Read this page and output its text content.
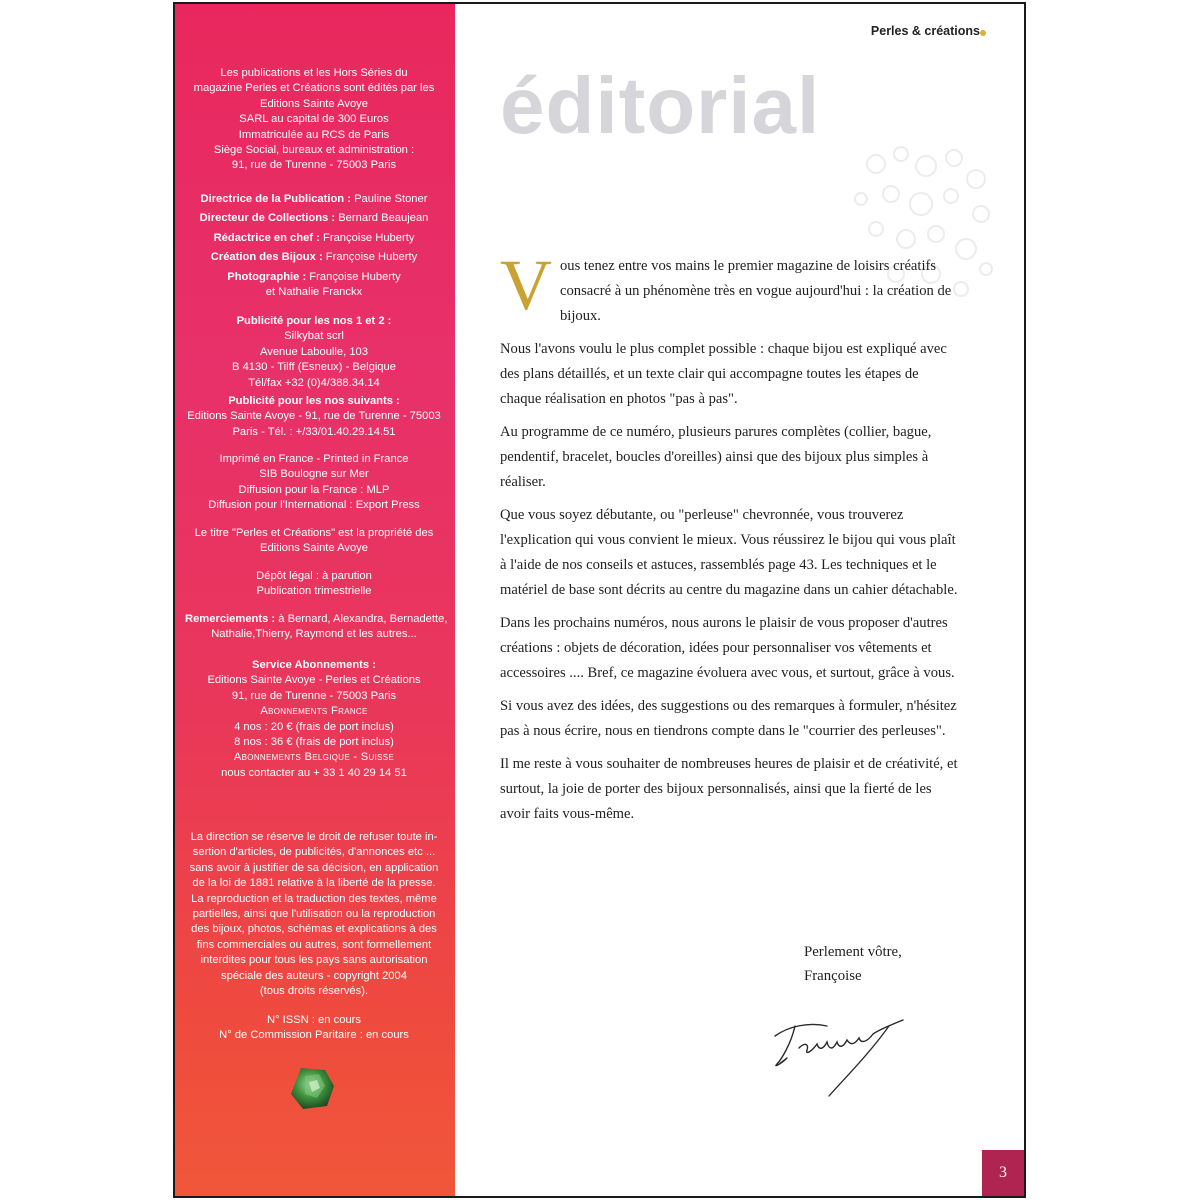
Les publications et les Hors Séries du
magazine Perles et Créations sont édités par les
Editions Sainte Avoye
SARL au capital de 300 Euros
Immatriculée au RCS de Paris
Siège Social, bureaux et administration :
91, rue de Turenne - 75003 Paris
Directrice de la Publication : Pauline Stoner
Directeur de Collections : Bernard Beaujean
Rédactrice en chef : Françoise Huberty
Création des Bijoux : Françoise Huberty
Photographie : Françoise Huberty
et Nathalie Franckx
Publicité pour les nos 1 et 2 :
Silkybat scrl
Avenue Laboulle, 103
B 4130 - Tilff (Esneux) - Belgique
Tél/fax +32 (0)4/388.34.14
Publicité pour les nos suivants :
Editions Sainte Avoye - 91, rue de Turenne - 75003
Paris - Tél. : +/33/01.40.29.14.51
Imprimé en France - Printed in France
SIB Boulogne sur Mer
Diffusion pour la France : MLP
Diffusion pour l'International : Export Press
Le titre "Perles et Créations" est la propriété des
Editions Sainte Avoye
Dépôt légal : à parution
Publication trimestrielle
Remerciements : à Bernard, Alexandra, Bernadette,
Nathalie,Thierry, Raymond et les autres...
Service Abonnements :
Editions Sainte Avoye - Perles et Créations
91, rue de Turenne - 75003 Paris
Abonnements France
4 nos : 20 € (frais de port inclus)
8 nos : 36 € (frais de port inclus)
Abonnements Belgique - Suisse
nous contacter au + 33 1 40 29 14 51
La direction se réserve le droit de refuser toute in-
sertion d'articles, de publicités, d'annonces etc ...
sans avoir à justifier de sa décision, en application
de la loi de 1881 relative à la liberté de la presse.
La reproduction et la traduction des textes, même
partielles, ainsi que l'utilisation ou la reproduction
des bijoux, photos, schémas et explications à des
fins commerciales ou autres, sont formellement
interdites pour tous les pays sans autorisation
spéciale des auteurs - copyright 2004
(tous droits réservés).
N° ISSN : en cours
N° de Commission Paritaire : en cours
Perles & créations
éditorial

Vous tenez entre vos mains le premier magazine de loisirs créatifs consacré à un phénomène très en vogue aujourd'hui : la création de bijoux.

Nous l'avons voulu le plus complet possible : chaque bijou est expliqué avec des plans détaillés, et un texte clair qui accompagne toutes les étapes de chaque réalisation en photos "pas à pas".

Au programme de ce numéro, plusieurs parures complètes (collier, bague, pendentif, bracelet, boucles d'oreilles) ainsi que des bijoux plus simples à réaliser.

Que vous soyez débutante, ou "perleuse" chevronnée, vous trouverez l'explication qui vous convient le mieux. Vous réussirez le bijou qui vous plaît à l'aide de nos conseils et astuces, rassemblés page 43. Les techniques et le matériel de base sont décrits au centre du magazine dans un cahier détachable.

Dans les prochains numéros, nous aurons le plaisir de vous proposer d'autres créations : objets de décoration, idées pour personnaliser vos vêtements et accessoires .... Bref, ce magazine évoluera avec vous, et surtout, grâce à vous.

Si vous avez des idées, des suggestions ou des remarques à formuler, n'hésitez pas à nous écrire, nous en tiendrons compte dans le "courrier des perleuses".

Il me reste à vous souhaiter de nombreuses heures de plaisir et de créativité, et surtout, la joie de porter des bijoux personnalisés, ainsi que la fierté de les avoir faits vous-même.

Perlement vôtre,
Françoise
3
